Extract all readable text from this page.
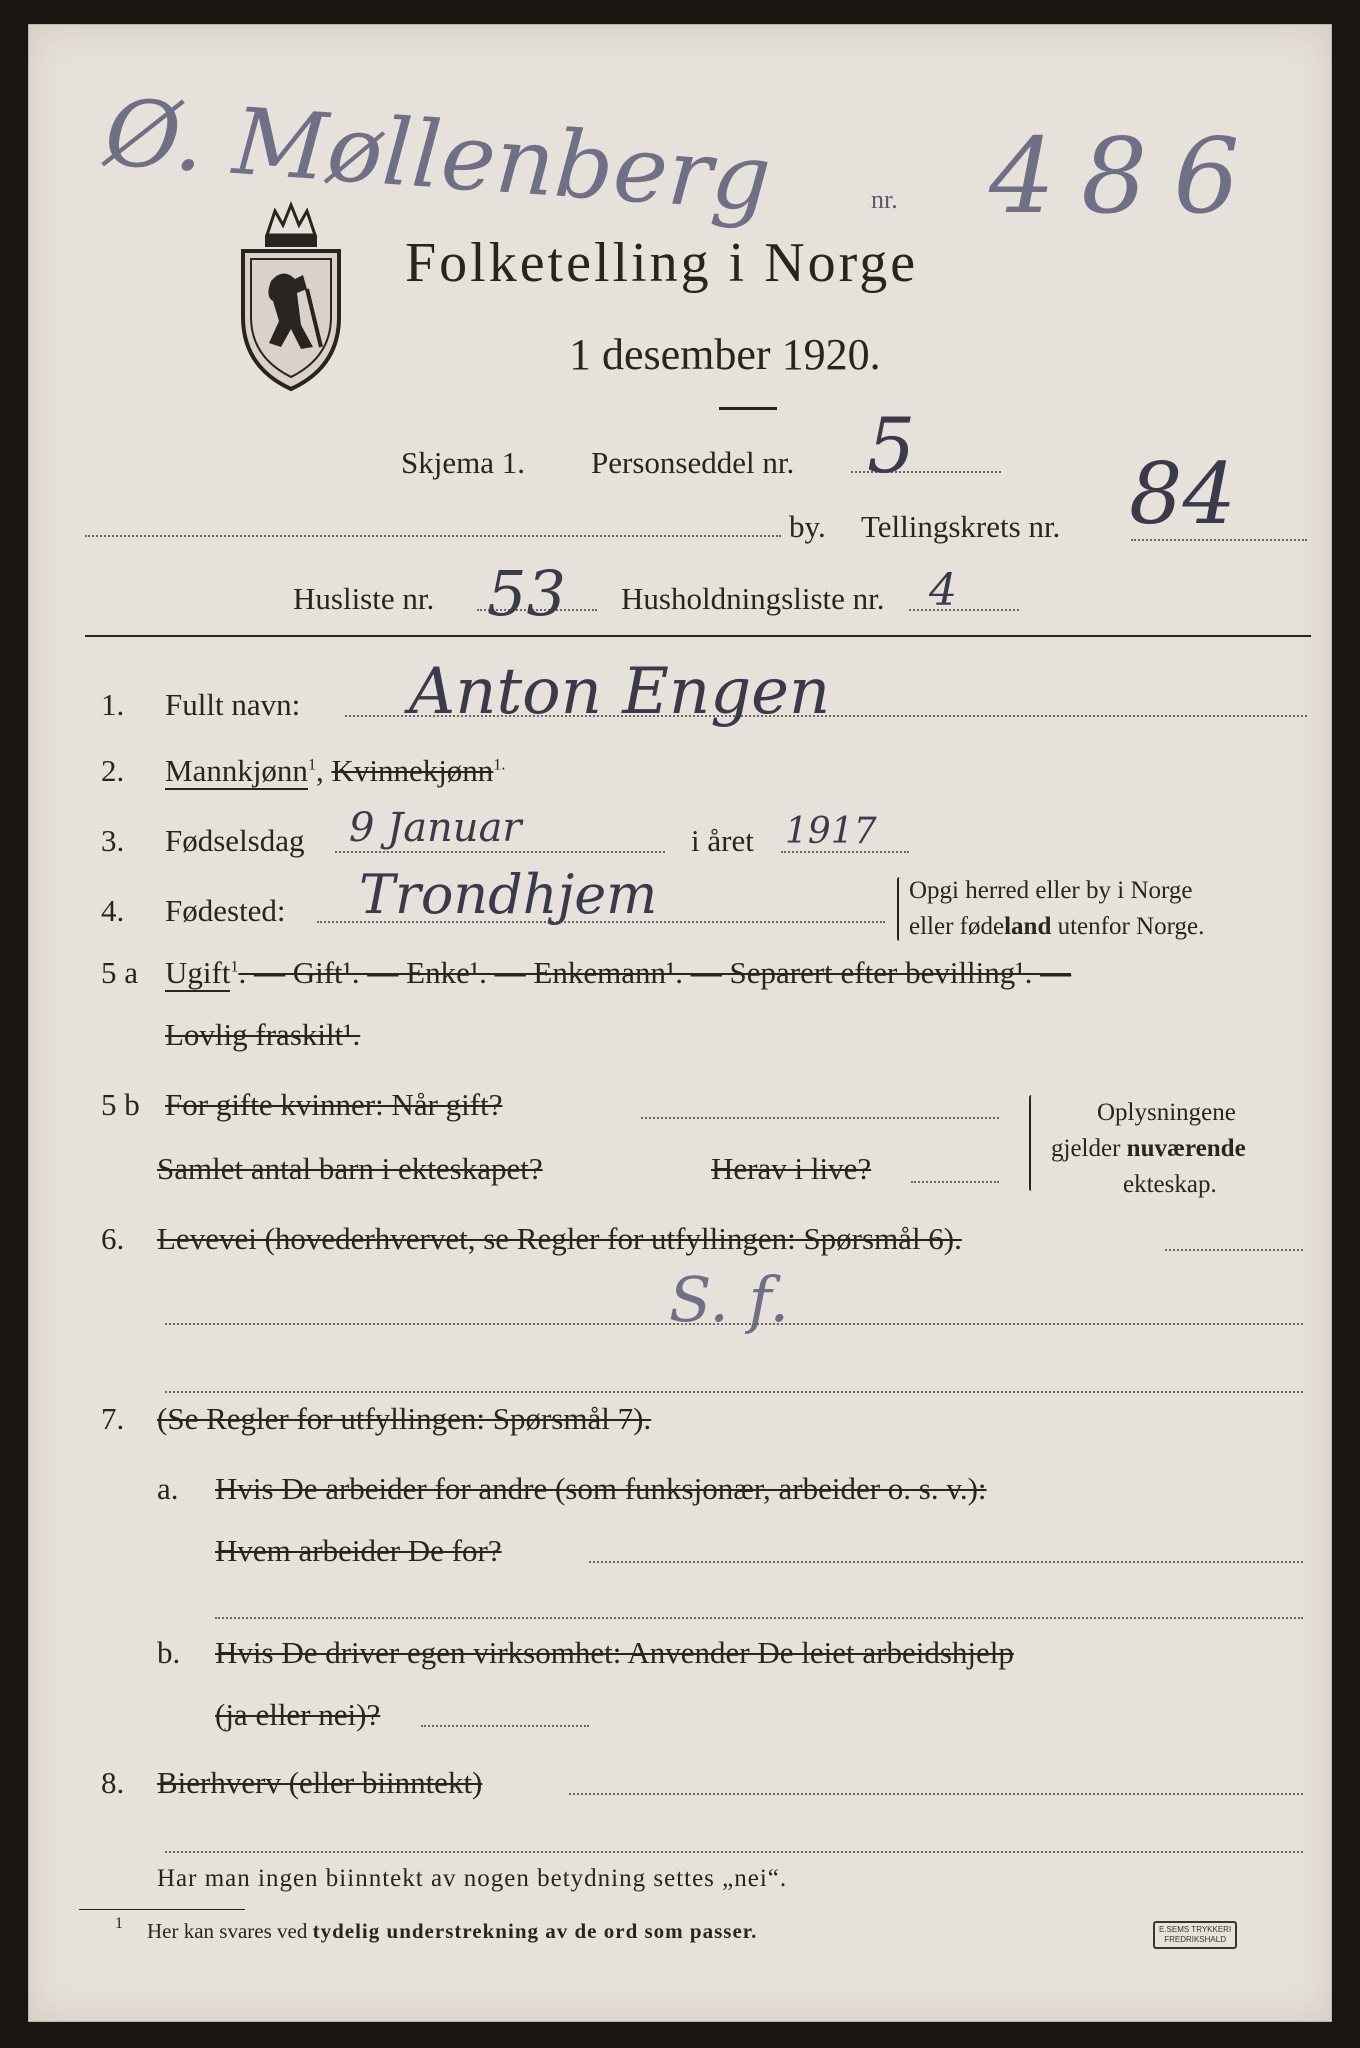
Ø. Møllenberg	nr. 486
Folketelling i Norge
1 desember 1920.
Skjema 1. Personseddel nr. 5
by. Tellingskrets nr. 84
Husliste nr. 53 Husholdningsliste nr. 4
1. Fullt navn: Anton Engen
2. Mannkjønn$^1$, Kvinnekjønn$^{1.}$
3. Fødselsdag 9 Januar	i året 1917
4. Fødested: Trondhjem	Opgi herred eller by i Norge
eller fødeland utenfor Norge.
5 a Ugift$^1$. — Gift¹. — Enke¹. — Enkemann¹. — Separert efter bevilling¹. —
Lovlig fraskilt¹.
5 b For gifte kvinner: Når gift?
Samlet antal barn i ekteskapet?	Herav i live?
Oplysningene
gjelder nuværende
ekteskap.
6. Levevei (hovederhvervet, se Regler for utfyllingen: Spørsmål 6).
S. f.
7. (Se Regler for utfyllingen: Spørsmål 7).
a. Hvis De arbeider for andre (som funksjonær, arbeider o. s. v.):
Hvem arbeider De for?
b. Hvis De driver egen virksomhet: Anvender De leiet arbeidshjelp
(ja eller nei)?
8. Bierhverv (eller biinntekt)
Har man ingen biinntekt av nogen betydning settes „nei“.
1 Her kan svares ved tydelig understrekning av de ord som passer.	E.SEMS TRYKKERI
FREDRIKSHALD
